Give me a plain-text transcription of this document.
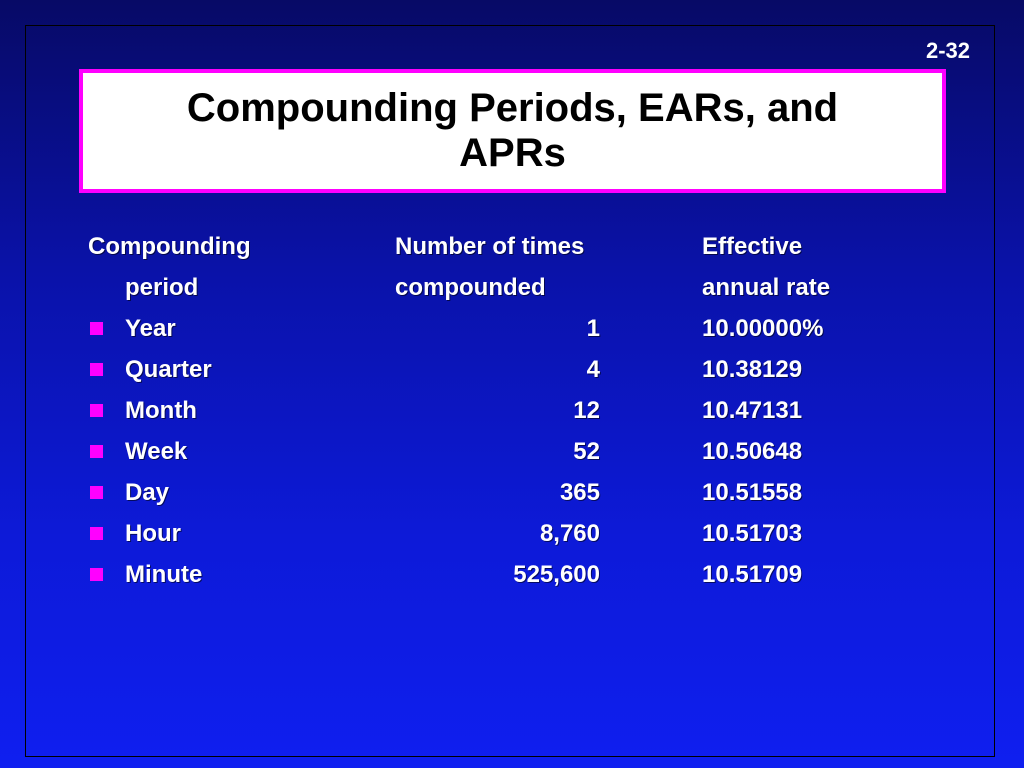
2-32
Compounding Periods, EARs, and APRs
Compounding	Number of times	Effective
period	compounded	annual rate
Year	1	10.00000%
Quarter	4	10.38129
Month	12	10.47131
Week	52	10.50648
Day	365	10.51558
Hour	8,760	10.51703
Minute	525,600	10.51709
